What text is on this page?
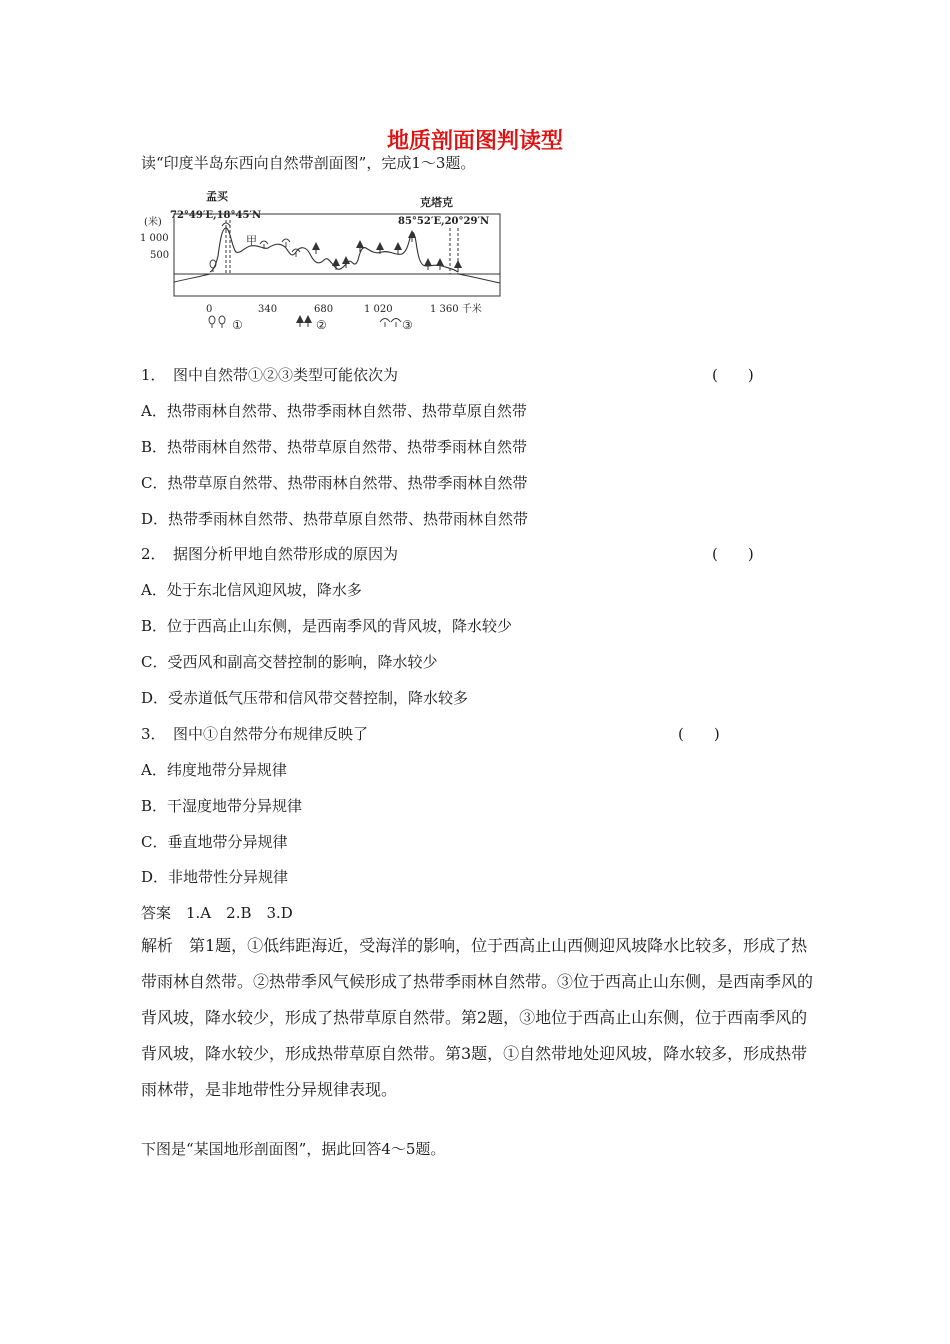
地质剖面图判读型
读“印度半岛东西向自然带剖面图”，完成1～3题。
孟买	克塔克
(米)
72°49′E,18°45′N
85°52′E,20°29′N
1 000
500
甲
0	340	680	1 020	1 360 千米
①	②	③
1．　图中自然带①②③类型可能依次为	(　　)
A．热带雨林自然带、热带季雨林自然带、热带草原自然带
B．热带雨林自然带、热带草原自然带、热带季雨林自然带
C．热带草原自然带、热带雨林自然带、热带季雨林自然带
D．热带季雨林自然带、热带草原自然带、热带雨林自然带
2．　据图分析甲地自然带形成的原因为	(　　)
A．处于东北信风迎风坡，降水多
B．位于西高止山东侧，是西南季风的背风坡，降水较少
C．受西风和副高交替控制的影响，降水较少
D．受赤道低气压带和信风带交替控制，降水较多
3．　图中①自然带分布规律反映了	(　　)
A．纬度地带分异规律
B．干湿度地带分异规律
C．垂直地带分异规律
D．非地带性分异规律
答案　1.A　2.B　3.D
解析　第1题，①低纬距海近，受海洋的影响，位于西高止山西侧迎风坡降水比较多，形成了热带雨林自然带。②热带季风气候形成了热带季雨林自然带。③位于西高止山东侧，是西南季风的背风坡，降水较少，形成了热带草原自然带。第2题，③地位于西高止山东侧，位于西南季风的背风坡，降水较少，形成热带草原自然带。第3题，①自然带地处迎风坡，降水较多，形成热带雨林带，是非地带性分异规律表现。
下图是“某国地形剖面图”，据此回答4～5题。
